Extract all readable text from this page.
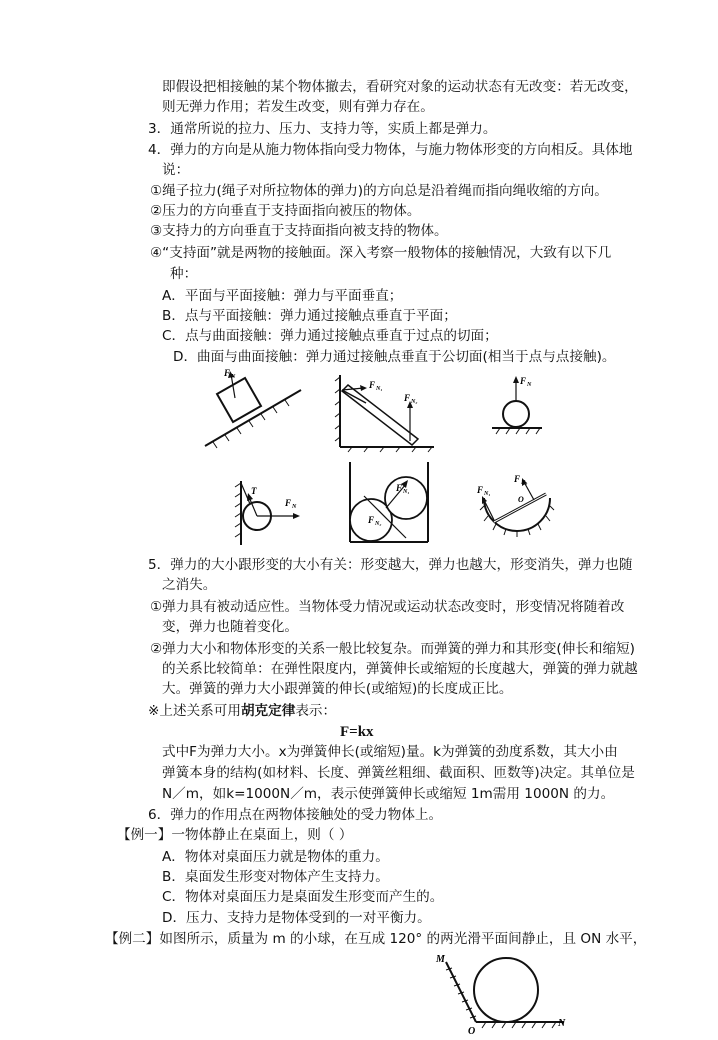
即假设把相接触的某个物体撤去，看研究对象的运动状态有无改变：若无改变，
则无弹力作用；若发生改变，则有弹力存在。
3．通常所说的拉力、压力、支持力等，实质上都是弹力。
4．弹力的方向是从施力物体指向受力物体，与施力物体形变的方向相反。具体地
说：
①绳子拉力(绳子对所拉物体的弹力)的方向总是沿着绳而指向绳收缩的方向。
②压力的方向垂直于支持面指向被压的物体。
③支持力的方向垂直于支持面指向被支持的物体。
④“支持面”就是两物的接触面。深入考察一般物体的接触情况，大致有以下几
种：
A．平面与平面接触：弹力与平面垂直；
B．点与平面接触：弹力通过接触点垂直于平面；
C．点与曲面接触：弹力通过接触点垂直于过点的切面；
D．曲面与曲面接触：弹力通过接触点垂直于公切面(相当于点与点接触)。
F N
F N₁
F N₂
F N
T
F N
F N₁
F N₂
F N₁
F N₂
O
5．弹力的大小跟形变的大小有关：形变越大，弹力也越大，形变消失，弹力也随
之消失。
①弹力具有被动适应性。当物体受力情况或运动状态改变时，形变情况将随着改
变，弹力也随着变化。
②弹力大小和物体形变的关系一般比较复杂。而弹簧的弹力和其形变(伸长和缩短)
的关系比较简单：在弹性限度内，弹簧伸长或缩短的长度越大，弹簧的弹力就越
大。弹簧的弹力大小跟弹簧的伸长(或缩短)的长度成正比。
※上述关系可用胡克定律表示：
F=kx
式中F为弹力大小。x为弹簧伸长(或缩短)量。k为弹簧的劲度系数，其大小由
弹簧本身的结构(如材料、长度、弹簧丝粗细、截面积、匝数等)决定。其单位是
N／m，如k=1000N／m，表示使弹簧伸长或缩短 1m需用 1000N 的力。
6．弹力的作用点在两物体接触处的受力物体上。
【例一】一物体静止在桌面上，则（ ）
A．物体对桌面压力就是物体的重力。
B．桌面发生形变对物体产生支持力。
C．物体对桌面压力是桌面发生形变而产生的。
D．压力、支持力是物体受到的一对平衡力。
【例二】如图所示，质量为 m 的小球，在互成 120° 的两光滑平面间静止，且 ON 水平，
M
O
N
